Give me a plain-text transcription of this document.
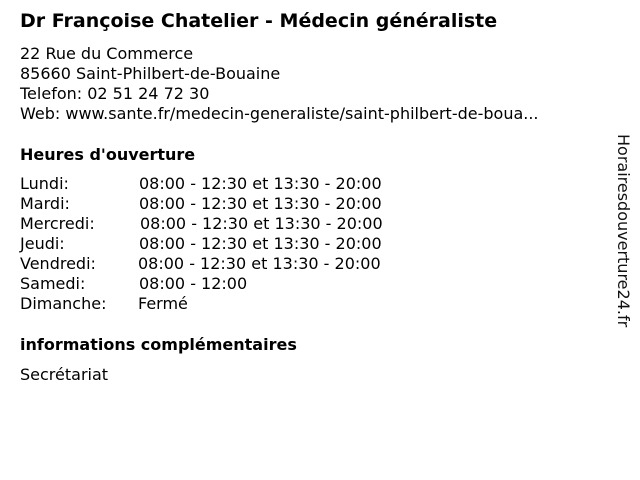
Dr Françoise Chatelier - Médecin généraliste
22 Rue du Commerce
85660 Saint-Philbert-de-Bouaine
Telefon: 02 51 24 72 30
Web: www.sante.fr/medecin-generaliste/saint-philbert-de-boua...
Heures d'ouverture
Lundi:	08:00 - 12:30 et 13:30 - 20:00
Mardi:	08:00 - 12:30 et 13:30 - 20:00
Mercredi:	08:00 - 12:30 et 13:30 - 20:00
Jeudi:	08:00 - 12:30 et 13:30 - 20:00
Vendredi:	08:00 - 12:30 et 13:30 - 20:00
Samedi:	08:00 - 12:00
Dimanche: Fermé
informations complémentaires
Secrétariat
Horairesdouverture24.fr
